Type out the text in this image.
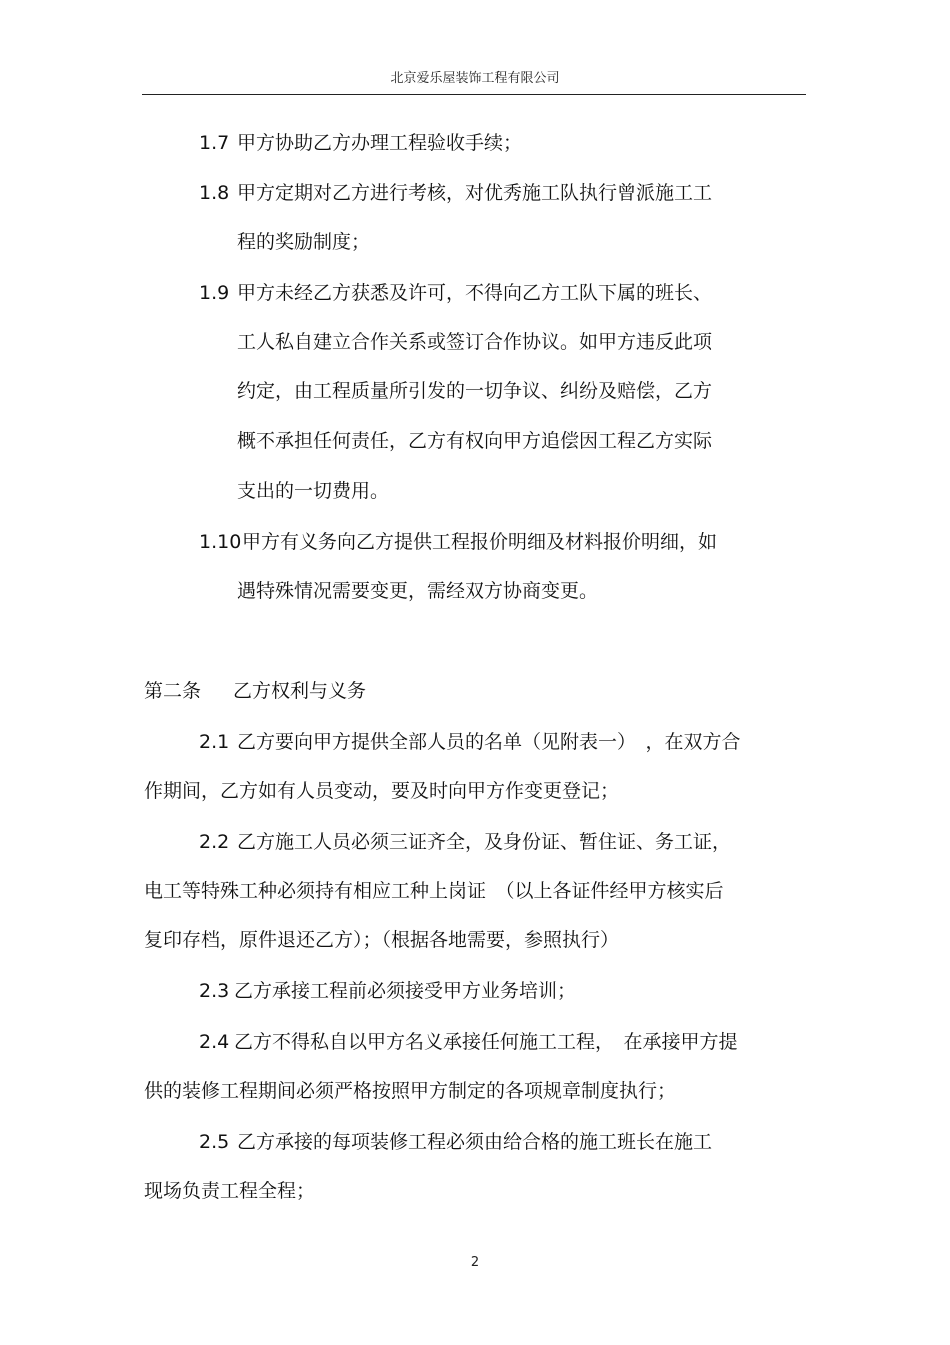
北京爱乐屋装饰工程有限公司
1.7 甲方协助乙方办理工程验收手续；
1.8 甲方定期对乙方进行考核，对优秀施工队执行曾派施工工
程的奖励制度；
1.9 甲方未经乙方获悉及许可，不得向乙方工队下属的班长、
工人私自建立合作关系或签订合作协议。如甲方违反此项
约定，由工程质量所引发的一切争议、纠纷及赔偿，乙方
概不承担任何责任，乙方有权向甲方追偿因工程乙方实际
支出的一切费用。
1.10 甲方有义务向乙方提供工程报价明细及材料报价明细，如
遇特殊情况需要变更，需经双方协商变更。
第二条 乙方权利与义务
2.1 乙方要向甲方提供全部人员的名单（见附表一）　，在双方合
作期间，乙方如有人员变动，要及时向甲方作变更登记；
2.2 乙方施工人员必须三证齐全，及身份证、暂住证、务工证，
电工等特殊工种必须持有相应工种上岗证　（以上各证件经甲方核实后
复印存档，原件退还乙方）；（根据各地需要，参照执行）
2.3 乙方承接工程前必须接受甲方业务培训；
2.4 乙方不得私自以甲方名义承接任何施工工程，　在承接甲方提
供的装修工程期间必须严格按照甲方制定的各项规章制度执行；
2.5 乙方承接的每项装修工程必须由给合格的施工班长在施工
现场负责工程全程；
2
